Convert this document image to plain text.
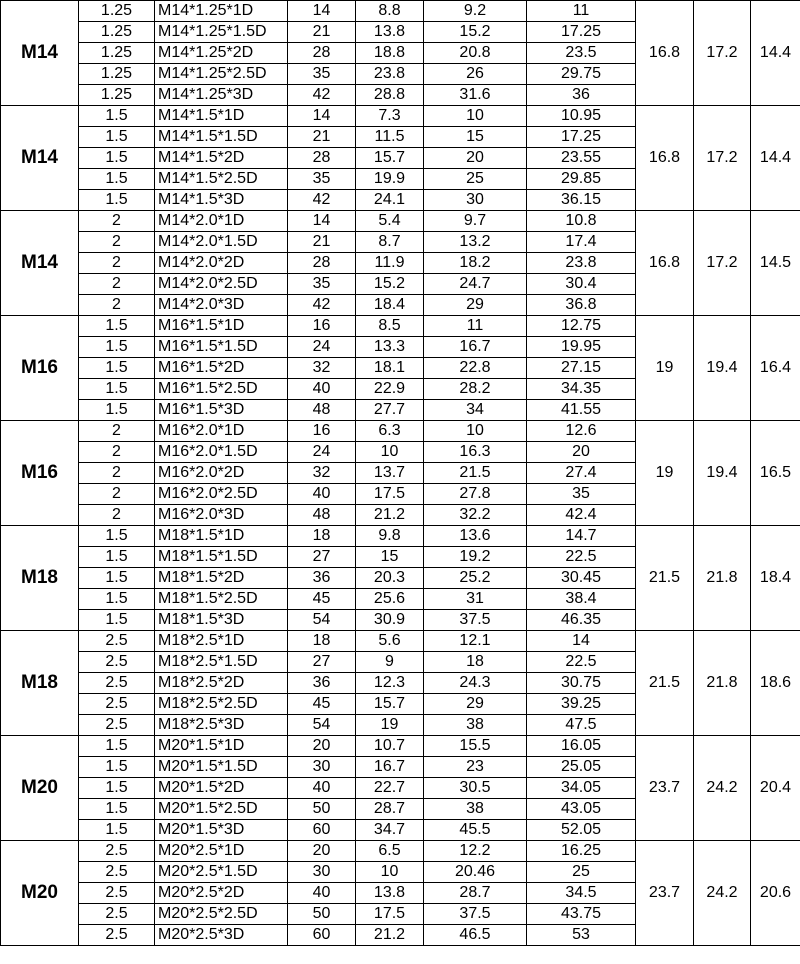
M14	1.25	M14*1.25*1D	14	8.8	9.2	11	16.8	17.2	14.4
	1.25	M14*1.25*1.5D	21	13.8	15.2	17.25			
	1.25	M14*1.25*2D	28	18.8	20.8	23.5			
	1.25	M14*1.25*2.5D	35	23.8	26	29.75			
	1.25	M14*1.25*3D	42	28.8	31.6	36			
M14	1.5	M14*1.5*1D	14	7.3	10	10.95	16.8	17.2	14.4
	1.5	M14*1.5*1.5D	21	11.5	15	17.25			
	1.5	M14*1.5*2D	28	15.7	20	23.55			
	1.5	M14*1.5*2.5D	35	19.9	25	29.85			
	1.5	M14*1.5*3D	42	24.1	30	36.15			
M14	2	M14*2.0*1D	14	5.4	9.7	10.8	16.8	17.2	14.5
	2	M14*2.0*1.5D	21	8.7	13.2	17.4			
	2	M14*2.0*2D	28	11.9	18.2	23.8			
	2	M14*2.0*2.5D	35	15.2	24.7	30.4			
	2	M14*2.0*3D	42	18.4	29	36.8			
M16	1.5	M16*1.5*1D	16	8.5	11	12.75	19	19.4	16.4
	1.5	M16*1.5*1.5D	24	13.3	16.7	19.95			
	1.5	M16*1.5*2D	32	18.1	22.8	27.15			
	1.5	M16*1.5*2.5D	40	22.9	28.2	34.35			
	1.5	M16*1.5*3D	48	27.7	34	41.55			
M16	2	M16*2.0*1D	16	6.3	10	12.6	19	19.4	16.5
	2	M16*2.0*1.5D	24	10	16.3	20			
	2	M16*2.0*2D	32	13.7	21.5	27.4			
	2	M16*2.0*2.5D	40	17.5	27.8	35			
	2	M16*2.0*3D	48	21.2	32.2	42.4			
M18	1.5	M18*1.5*1D	18	9.8	13.6	14.7	21.5	21.8	18.4
	1.5	M18*1.5*1.5D	27	15	19.2	22.5			
	1.5	M18*1.5*2D	36	20.3	25.2	30.45			
	1.5	M18*1.5*2.5D	45	25.6	31	38.4			
	1.5	M18*1.5*3D	54	30.9	37.5	46.35			
M18	2.5	M18*2.5*1D	18	5.6	12.1	14	21.5	21.8	18.6
	2.5	M18*2.5*1.5D	27	9	18	22.5			
	2.5	M18*2.5*2D	36	12.3	24.3	30.75			
	2.5	M18*2.5*2.5D	45	15.7	29	39.25			
	2.5	M18*2.5*3D	54	19	38	47.5			
M20	1.5	M20*1.5*1D	20	10.7	15.5	16.05	23.7	24.2	20.4
	1.5	M20*1.5*1.5D	30	16.7	23	25.05			
	1.5	M20*1.5*2D	40	22.7	30.5	34.05			
	1.5	M20*1.5*2.5D	50	28.7	38	43.05			
	1.5	M20*1.5*3D	60	34.7	45.5	52.05			
M20	2.5	M20*2.5*1D	20	6.5	12.2	16.25	23.7	24.2	20.6
	2.5	M20*2.5*1.5D	30	10	20.46	25			
	2.5	M20*2.5*2D	40	13.8	28.7	34.5			
	2.5	M20*2.5*2.5D	50	17.5	37.5	43.75			
	2.5	M20*2.5*3D	60	21.2	46.5	53			
